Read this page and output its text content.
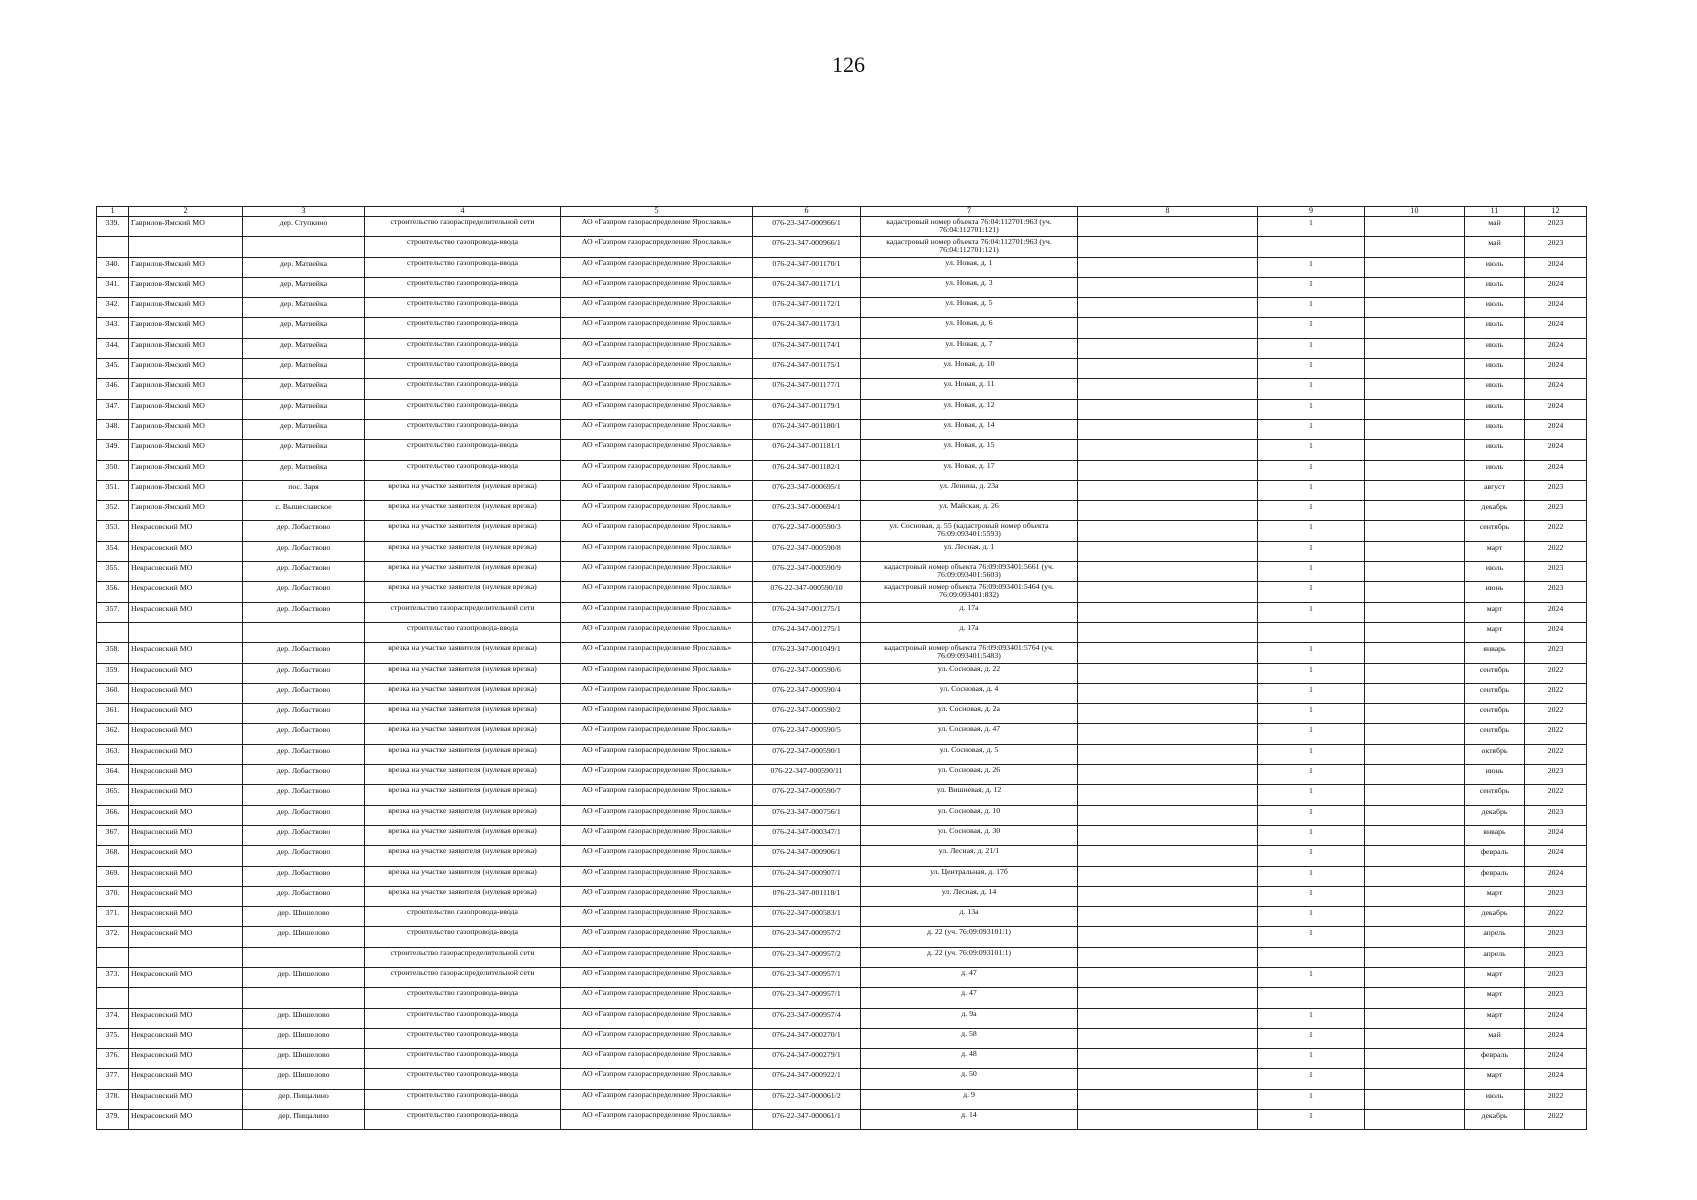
126
1	2	3	4	5	6	7	8	9	10	11	12
339.	Гаврилов-Ямский МО	дер. Ступкино	строительство газораспределительной сети	АО «Газпром газораспределение Ярославль»	076-23-347-000966/1	кадастровый номер объекта 76:04:112701:963 (уч. 76:04:112701:121)		1		май	2023
			строительство газопровода-ввода	АО «Газпром газораспределение Ярославль»	076-23-347-000966/1	кадастровый номер объекта 76:04:112701:963 (уч. 76:04:112701:121)				май	2023
340.	Гаврилов-Ямский МО	дер. Матвейка	строительство газопровода-ввода	АО «Газпром газораспределение Ярославль»	076-24-347-001170/1	ул. Новая, д. 1		1		июль	2024
341.	Гаврилов-Ямский МО	дер. Матвейка	строительство газопровода-ввода	АО «Газпром газораспределение Ярославль»	076-24-347-001171/1	ул. Новая, д. 3		1		июль	2024
342.	Гаврилов-Ямский МО	дер. Матвейка	строительство газопровода-ввода	АО «Газпром газораспределение Ярославль»	076-24-347-001172/1	ул. Новая, д. 5		1		июль	2024
343.	Гаврилов-Ямский МО	дер. Матвейка	строительство газопровода-ввода	АО «Газпром газораспределение Ярославль»	076-24-347-001173/1	ул. Новая, д. 6		1		июль	2024
344.	Гаврилов-Ямский МО	дер. Матвейка	строительство газопровода-ввода	АО «Газпром газораспределение Ярославль»	076-24-347-001174/1	ул. Новая, д. 7		1		июль	2024
345.	Гаврилов-Ямский МО	дер. Матвейка	строительство газопровода-ввода	АО «Газпром газораспределение Ярославль»	076-24-347-001175/1	ул. Новая, д. 10		1		июль	2024
346.	Гаврилов-Ямский МО	дер. Матвейка	строительство газопровода-ввода	АО «Газпром газораспределение Ярославль»	076-24-347-001177/1	ул. Новая, д. 11		1		июль	2024
347.	Гаврилов-Ямский МО	дер. Матвейка	строительство газопровода-ввода	АО «Газпром газораспределение Ярославль»	076-24-347-001179/1	ул. Новая, д. 12		1		июль	2024
348.	Гаврилов-Ямский МО	дер. Матвейка	строительство газопровода-ввода	АО «Газпром газораспределение Ярославль»	076-24-347-001180/1	ул. Новая, д. 14		1		июль	2024
349.	Гаврилов-Ямский МО	дер. Матвейка	строительство газопровода-ввода	АО «Газпром газораспределение Ярославль»	076-24-347-001181/1	ул. Новая, д. 15		1		июль	2024
350.	Гаврилов-Ямский МО	дер. Матвейка	строительство газопровода-ввода	АО «Газпром газораспределение Ярославль»	076-24-347-001182/1	ул. Новая, д. 17		1		июль	2024
351.	Гаврилов-Ямский МО	пос. Заря	врезка на участке заявителя (нулевая врезка)	АО «Газпром газораспределение Ярославль»	076-23-347-000695/1	ул. Ленина, д. 23а		1		август	2023
352.	Гаврилов-Ямский МО	с. Вышеславское	врезка на участке заявителя (нулевая врезка)	АО «Газпром газораспределение Ярославль»	076-23-347-000694/1	ул. Майская, д. 26		1		декабрь	2023
353.	Некрасовский МО	дер. Лобаствово	врезка на участке заявителя (нулевая врезка)	АО «Газпром газораспределение Ярославль»	076-22-347-000590/3	ул. Сосновая, д. 55 (кадастровый номер объекта 76:09:093401:5593)		1		сентябрь	2022
354.	Некрасовский МО	дер. Лобаствово	врезка на участке заявителя (нулевая врезка)	АО «Газпром газораспределение Ярославль»	076-22-347-000590/8	ул. Лесная, д. 1		1		март	2022
355.	Некрасовский МО	дер. Лобаствово	врезка на участке заявителя (нулевая врезка)	АО «Газпром газораспределение Ярославль»	076-22-347-000590/9	кадастровый номер объекта 76:09:093401:5661 (уч. 76:09:093401:5603)		1		июль	2023
356.	Некрасовский МО	дер. Лобаствово	врезка на участке заявителя (нулевая врезка)	АО «Газпром газораспределение Ярославль»	076-22-347-000590/10	кадастровый номер объекта 76:09:093401:5464 (уч. 76:09:093401:832)		1		июнь	2023
357.	Некрасовский МО	дер. Лобаствово	строительство газораспределительной сети	АО «Газпром газораспределение Ярославль»	076-24-347-001275/1	д. 17а		1		март	2024
			строительство газопровода-ввода	АО «Газпром газораспределение Ярославль»	076-24-347-001275/1	д. 17а				март	2024
358.	Некрасовский МО	дер. Лобаствово	врезка на участке заявителя (нулевая врезка)	АО «Газпром газораспределение Ярославль»	076-23-347-001049/1	кадастровый номер объекта 76:09:093401:5764 (уч. 76:09:093401:5483)		1		январь	2023
359.	Некрасовский МО	дер. Лобаствово	врезка на участке заявителя (нулевая врезка)	АО «Газпром газораспределение Ярославль»	076-22-347-000590/6	ул. Сосновая, д. 22		1		сентябрь	2022
360.	Некрасовский МО	дер. Лобаствово	врезка на участке заявителя (нулевая врезка)	АО «Газпром газораспределение Ярославль»	076-22-347-000590/4	ул. Сосновая, д. 4		1		сентябрь	2022
361.	Некрасовский МО	дер. Лобаствово	врезка на участке заявителя (нулевая врезка)	АО «Газпром газораспределение Ярославль»	076-22-347-000590/2	ул. Сосновая, д. 2а		1		сентябрь	2022
362.	Некрасовский МО	дер. Лобаствово	врезка на участке заявителя (нулевая врезка)	АО «Газпром газораспределение Ярославль»	076-22-347-000590/5	ул. Сосновая, д. 47		1		сентябрь	2022
363.	Некрасовский МО	дер. Лобаствово	врезка на участке заявителя (нулевая врезка)	АО «Газпром газораспределение Ярославль»	076-22-347-000590/1	ул. Сосновая, д. 5		1		октябрь	2022
364.	Некрасовский МО	дер. Лобаствово	врезка на участке заявителя (нулевая врезка)	АО «Газпром газораспределение Ярославль»	076-22-347-000590/11	ул. Сосновая, д. 26		1		июнь	2023
365.	Некрасовский МО	дер. Лобаствово	врезка на участке заявителя (нулевая врезка)	АО «Газпром газораспределение Ярославль»	076-22-347-000590/7	ул. Вишневая, д. 12		1		сентябрь	2022
366.	Некрасовский МО	дер. Лобаствово	врезка на участке заявителя (нулевая врезка)	АО «Газпром газораспределение Ярославль»	076-23-347-000756/1	ул. Сосновая, д. 10		1		декабрь	2023
367.	Некрасовский МО	дер. Лобаствово	врезка на участке заявителя (нулевая врезка)	АО «Газпром газораспределение Ярославль»	076-24-347-000347/1	ул. Сосновая, д. 30		1		январь	2024
368.	Некрасовский МО	дер. Лобаствово	врезка на участке заявителя (нулевая врезка)	АО «Газпром газораспределение Ярославль»	076-24-347-000906/1	ул. Лесная, д. 21/1		1		февраль	2024
369.	Некрасовский МО	дер. Лобаствово	врезка на участке заявителя (нулевая врезка)	АО «Газпром газораспределение Ярославль»	076-24-347-000907/1	ул. Центральная, д. 17б		1		февраль	2024
370.	Некрасовский МО	дер. Лобаствово	врезка на участке заявителя (нулевая врезка)	АО «Газпром газораспределение Ярославль»	076-23-347-001118/1	ул. Лесная, д. 14		1		март	2023
371.	Некрасовский МО	дер. Шишелово	строительство газопровода-ввода	АО «Газпром газораспределение Ярославль»	076-22-347-000583/1	д. 13а		1		декабрь	2022
372.	Некрасовский МО	дер. Шишелово	строительство газопровода-ввода	АО «Газпром газораспределение Ярославль»	076-23-347-000957/2	д. 22 (уч. 76:09:093101:1)		1		апрель	2023
			строительство газораспределительной сети	АО «Газпром газораспределение Ярославль»	076-23-347-000957/2	д. 22 (уч. 76:09:093101:1)				апрель	2023
373.	Некрасовский МО	дер. Шишелово	строительство газораспределительной сети	АО «Газпром газораспределение Ярославль»	076-23-347-000957/1	д. 47		1		март	2023
			строительство газопровода-ввода	АО «Газпром газораспределение Ярославль»	076-23-347-000957/1	д. 47				март	2023
374.	Некрасовский МО	дер. Шишелово	строительство газопровода-ввода	АО «Газпром газораспределение Ярославль»	076-23-347-000957/4	д. 9а		1		март	2024
375.	Некрасовский МО	дер. Шишелово	строительство газопровода-ввода	АО «Газпром газораспределение Ярославль»	076-24-347-000270/1	д. 58		1		май	2024
376.	Некрасовский МО	дер. Шишелово	строительство газопровода-ввода	АО «Газпром газораспределение Ярославль»	076-24-347-000279/1	д. 48		1		февраль	2024
377.	Некрасовский МО	дер. Шишелово	строительство газопровода-ввода	АО «Газпром газораспределение Ярославль»	076-24-347-000922/1	д. 50		1		март	2024
378.	Некрасовский МО	дер. Пищалино	строительство газопровода-ввода	АО «Газпром газораспределение Ярославль»	076-22-347-000061/2	д. 9		1		июль	2022
379.	Некрасовский МО	дер. Пищалино	строительство газопровода-ввода	АО «Газпром газораспределение Ярославль»	076-22-347-000061/1	д. 14		1		декабрь	2022
